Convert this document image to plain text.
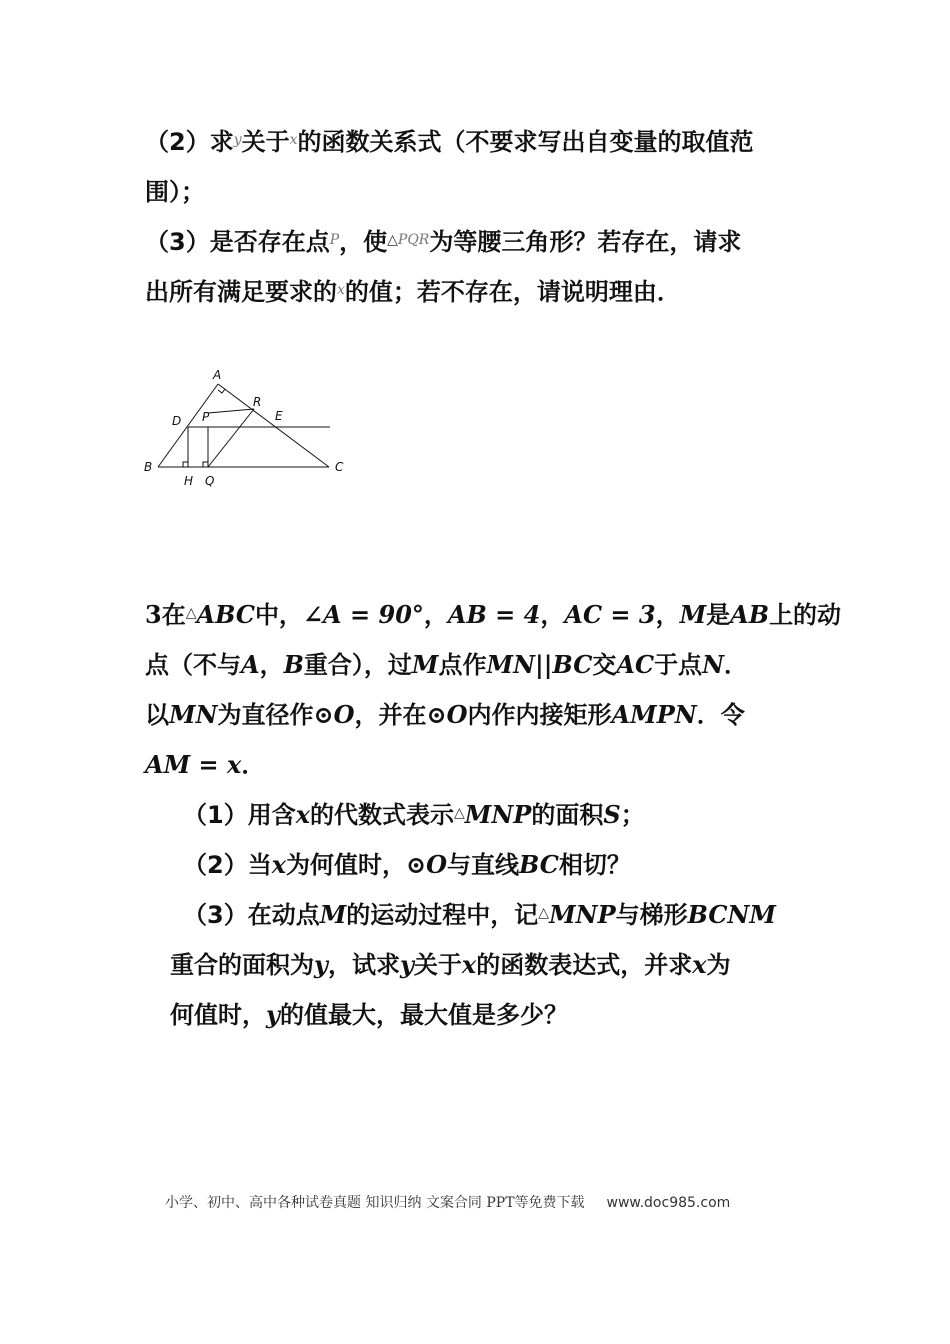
（2）求$^y$关于$^x$的函数关系式（不要求写出自变量的取值范
围）；
（3）是否存在点$^P$，使$^{\triangle PQR}$为等腰三角形？若存在，请求
出所有满足要求的$^x$的值；若不存在，请说明理由．
A
B	C
D	E
P
R
H Q
3在△ABC中，∠A = 90°，AB = 4，AC = 3，M是AB上的动
点（不与A，B重合），过M点作MN||BC交AC于点N．
以MN为直径作⊙O，并在⊙O内作内接矩形AMPN．令
AM = x．
（1）用含x的代数式表示△MNP的面积S；
（2）当x为何值时，⊙O与直线BC相切？
（3）在动点M的运动过程中，记△MNP与梯形BCNM
重合的面积为y，试求y关于x的函数表达式，并求x为
何值时，y的值最大，最大值是多少？
小学、初中、高中各种试卷真题 知识归纳 文案合同 PPT等免费下载 www.doc985.com
